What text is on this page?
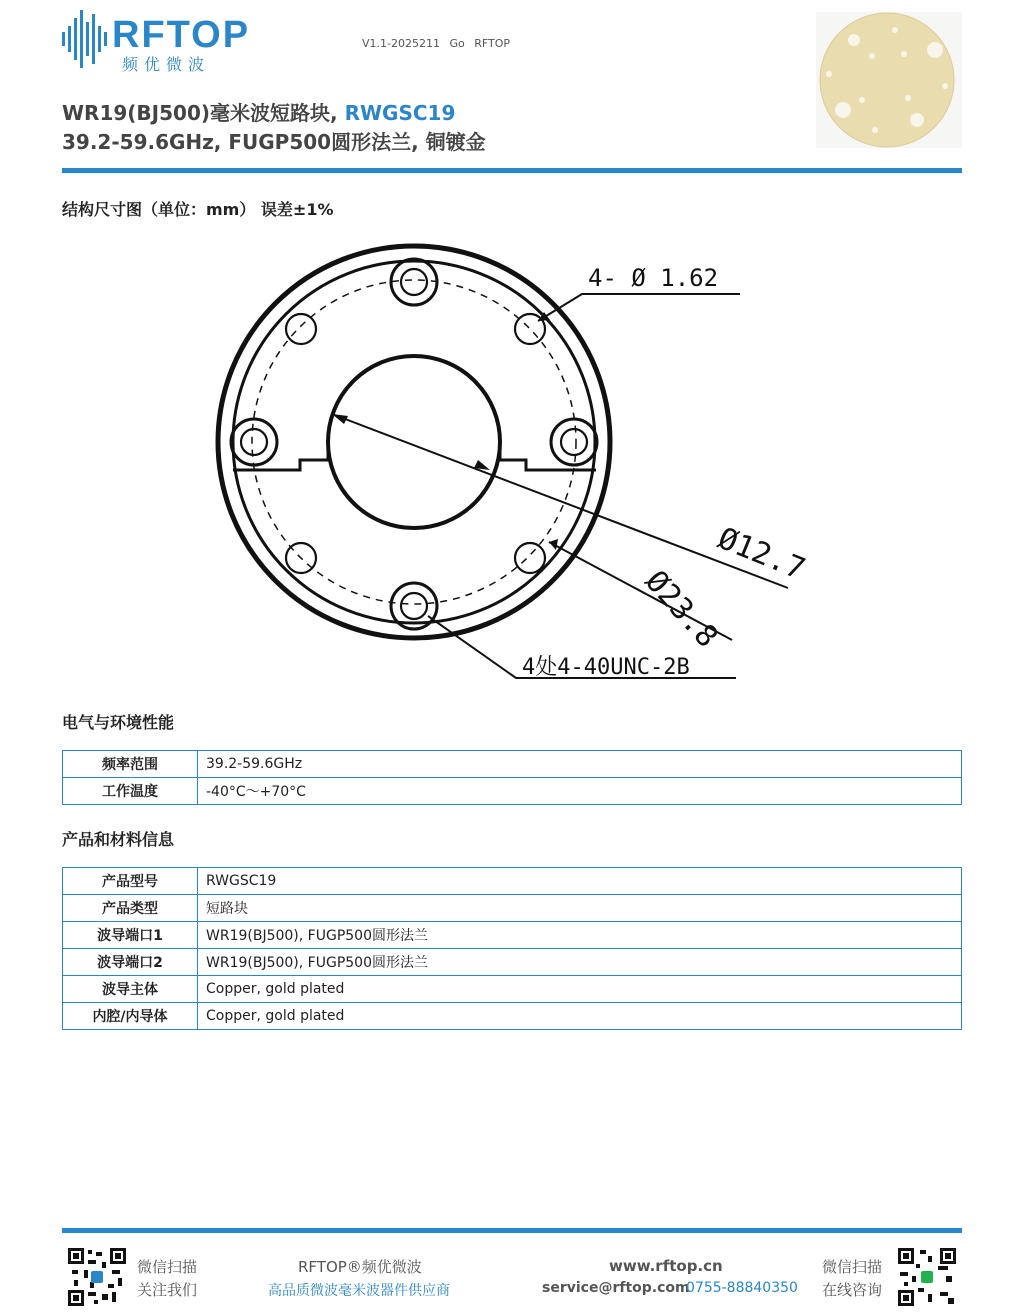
RFTOP
频优微波
V1.1-2025211 Go RFTOP
WR19(BJ500)毫米波短路块, RWGSC19
39.2-59.6GHz, FUGP500圆形法兰, 铜镀金
结构尺寸图（单位：mm） 误差±1%
4- Ø 1.62
Ø12.7
Ø23.8
4处4-40UNC-2B
电气与环境性能
频率范围	39.2-59.6GHz
工作温度	-40°C～+70°C
产品和材料信息
产品型号	RWGSC19
产品类型	短路块
波导端口1	WR19(BJ500), FUGP500圆形法兰
波导端口2	WR19(BJ500), FUGP500圆形法兰
波导主体	Copper, gold plated
内腔/内导体	Copper, gold plated
微信扫描
关注我们
RFTOP®频优微波
高品质微波毫米波器件供应商
www.rftop.cn
service@rftop.com
0755-88840350
微信扫描
在线咨询
